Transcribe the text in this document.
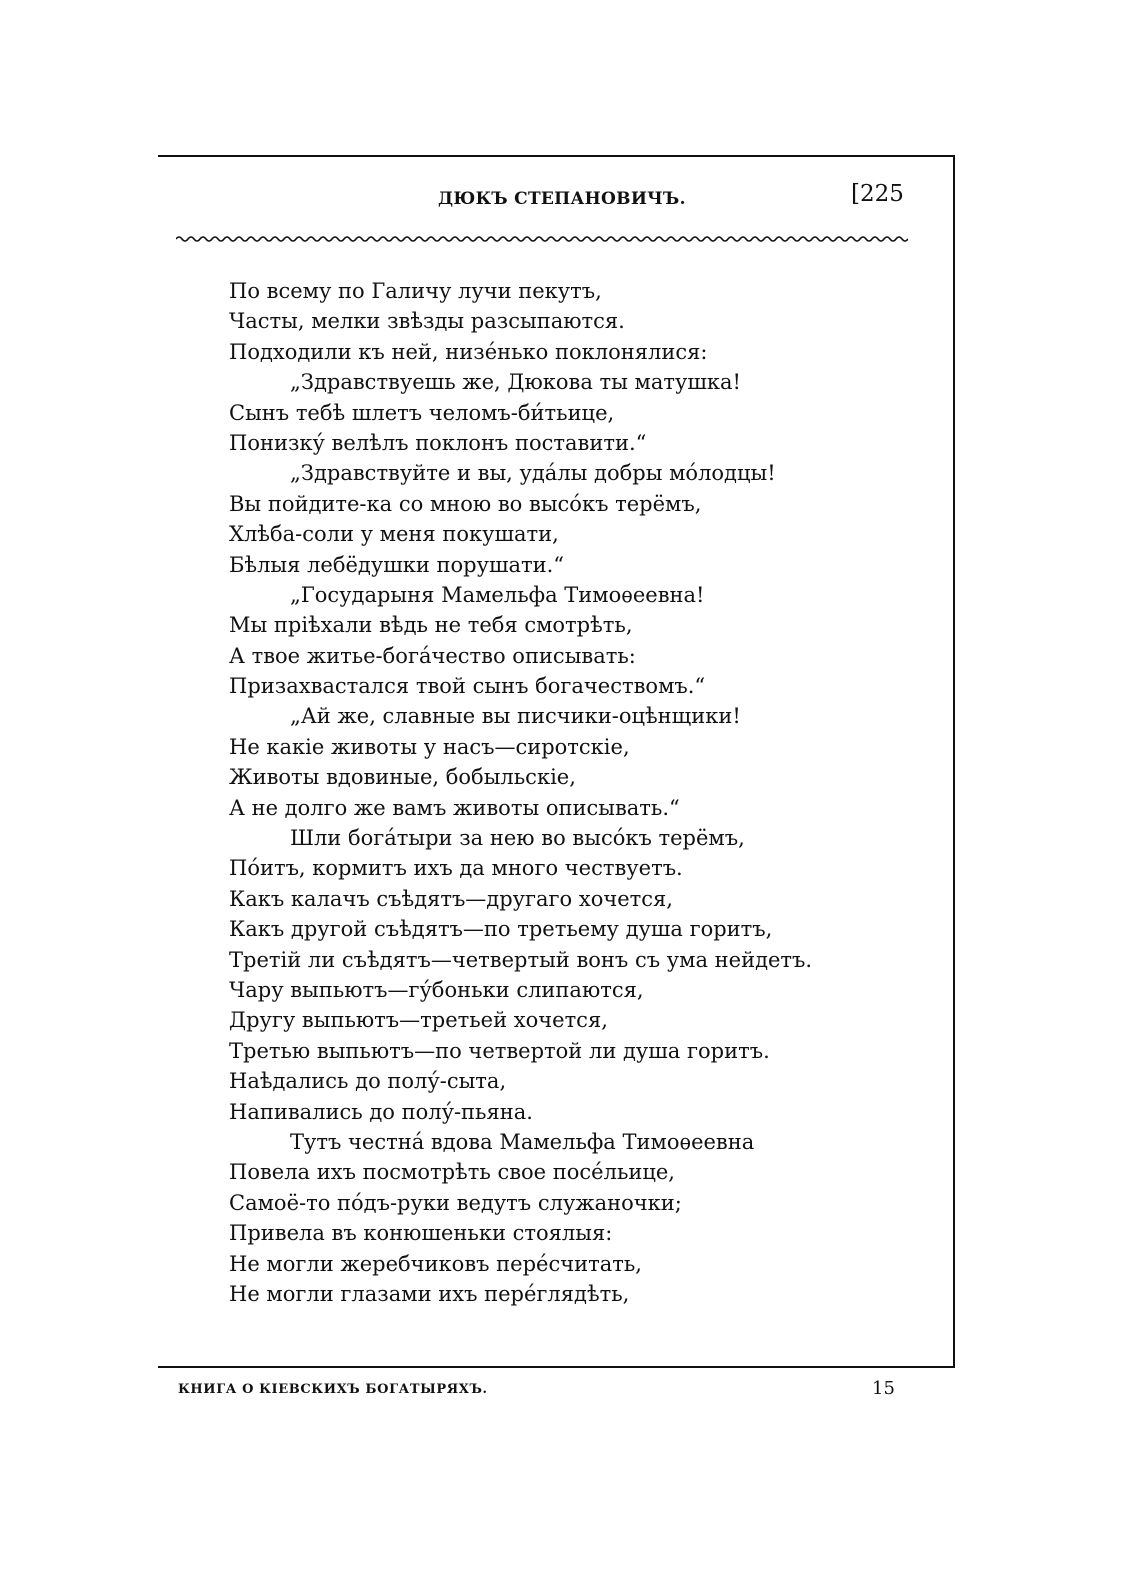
ДЮКЪ СТЕПАНОВИЧЪ.	[225
По всему по Галичу лучи пекутъ,
Часты, мелки звѣзды разсыпаются.
Подходили къ ней, низе́нько поклонялися:
„Здравствуешь же, Дюкова ты матушка!
Сынъ тебѣ шлетъ челомъ-би́тьице,
Понизку́ велѣлъ поклонъ поставити.“
„Здравствуйте и вы, уда́лы добры мо́лодцы!
Вы пойдите-ка со мною во высо́къ терёмъ,
Хлѣба-соли у меня покушати,
Бѣлыя лебёдушки порушати.“
„Государыня Мамельфа Тимоѳеевна!
Мы пріѣхали вѣдь не тебя смотрѣть,
А твое житье-бога́чество описывать:
Призахвастался твой сынъ богачествомъ.“
„Ай же, славные вы писчики-оцѣнщики!
Не какіе животы у насъ—сиротскіе,
Животы вдовиные, бобыльскіе,
А не долго же вамъ животы описывать.“
Шли бога́тыри за нею во высо́къ терёмъ,
По́итъ, кормитъ ихъ да много чествуетъ.
Какъ калачъ съѣдятъ—другаго хочется,
Какъ другой съѣдятъ—по третьему душа горитъ,
Третій ли съѣдятъ—четвертый вонъ съ ума нейдетъ.
Чару выпьютъ—гу́боньки слипаются,
Другу выпьютъ—третьей хочется,
Третью выпьютъ—по четвертой ли душа горитъ.
Наѣдались до полу́-сыта,
Напивались до полу́-пьяна.
Тутъ честна́ вдова Мамельфа Тимоѳеевна
Повела ихъ посмотрѣть свое посе́льице,
Самоё-то по́дъ-руки ведутъ служаночки;
Привела въ конюшеньки стоялыя:
Не могли жеребчиковъ пере́считать,
Не могли глазами ихъ пере́глядѣть,
КНИГА О КІЕВСКИХЪ БОГАТЫРЯХЪ.	15
